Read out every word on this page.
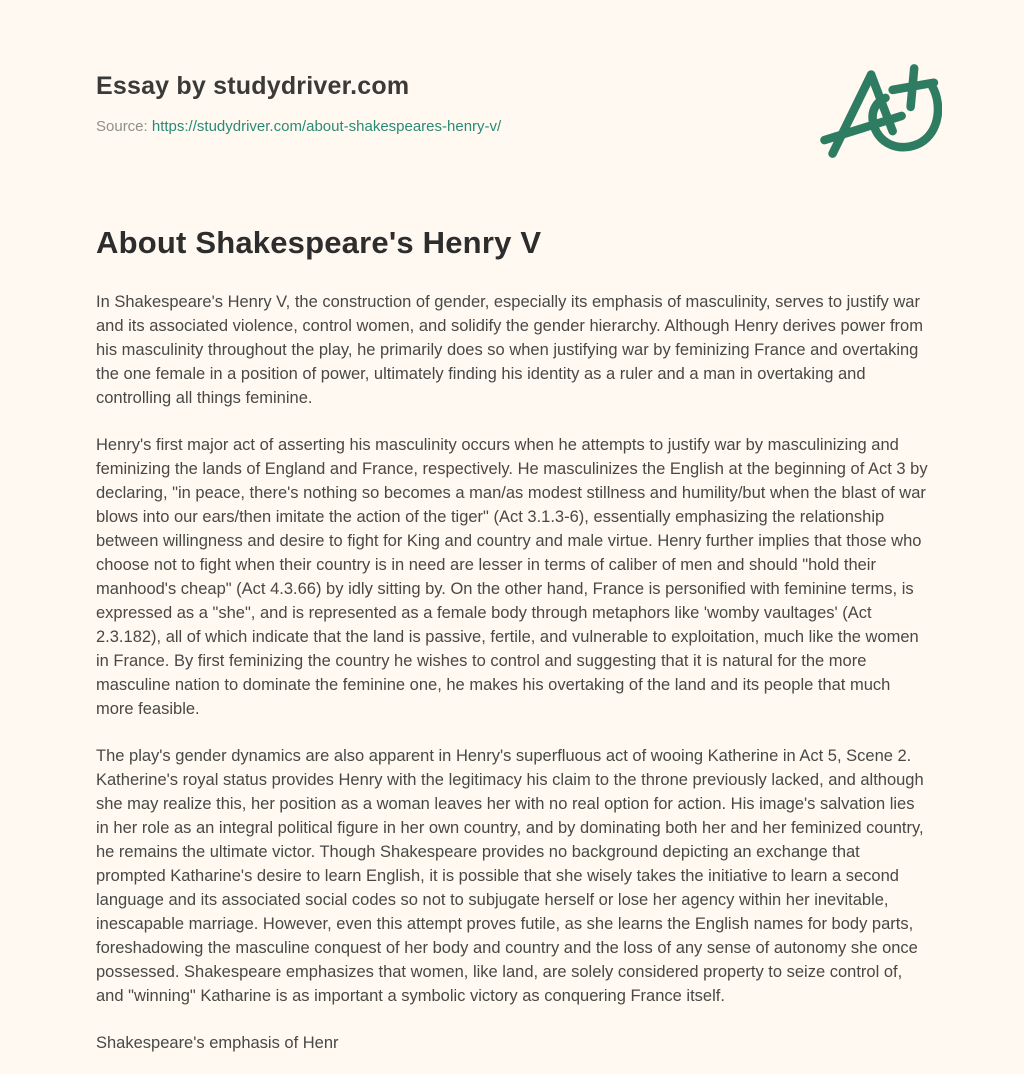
Essay by studydriver.com
Source: https://studydriver.com/about-shakespeares-henry-v/
About Shakespeare's Henry V

In Shakespeare's Henry V, the construction of gender, especially its emphasis of masculinity, serves to justify war and its associated violence, control women, and solidify the gender hierarchy. Although Henry derives power from his masculinity throughout the play, he primarily does so when justifying war by feminizing France and overtaking the one female in a position of power, ultimately finding his identity as a ruler and a man in overtaking and controlling all things feminine.

Henry's first major act of asserting his masculinity occurs when he attempts to justify war by masculinizing and feminizing the lands of England and France, respectively. He masculinizes the English at the beginning of Act 3 by declaring, "in peace, there's nothing so becomes a man/as modest stillness and humility/but when the blast of war blows into our ears/then imitate the action of the tiger" (Act 3.1.3-6), essentially emphasizing the relationship between willingness and desire to fight for King and country and male virtue. Henry further implies that those who choose not to fight when their country is in need are lesser in terms of caliber of men and should "hold their manhood's cheap" (Act 4.3.66) by idly sitting by. On the other hand, France is personified with feminine terms, is expressed as a "she", and is represented as a female body through metaphors like 'womby vaultages' (Act 2.3.182), all of which indicate that the land is passive, fertile, and vulnerable to exploitation, much like the women in France. By first feminizing the country he wishes to control and suggesting that it is natural for the more masculine nation to dominate the feminine one, he makes his overtaking of the land and its people that much more feasible.

The play's gender dynamics are also apparent in Henry's superfluous act of wooing Katherine in Act 5, Scene 2. Katherine's royal status provides Henry with the legitimacy his claim to the throne previously lacked, and although she may realize this, her position as a woman leaves her with no real option for action. His image's salvation lies in her role as an integral political figure in her own country, and by dominating both her and her feminized country, he remains the ultimate victor. Though Shakespeare provides no background depicting an exchange that prompted Katharine's desire to learn English, it is possible that she wisely takes the initiative to learn a second language and its associated social codes so not to subjugate herself or lose her agency within her inevitable, inescapable marriage. However, even this attempt proves futile, as she learns the English names for body parts, foreshadowing the masculine conquest of her body and country and the loss of any sense of autonomy she once possessed. Shakespeare emphasizes that women, like land, are solely considered property to seize control of, and "winning" Katharine is as important a symbolic victory as conquering France itself.

Shakespeare's emphasis of Henr
